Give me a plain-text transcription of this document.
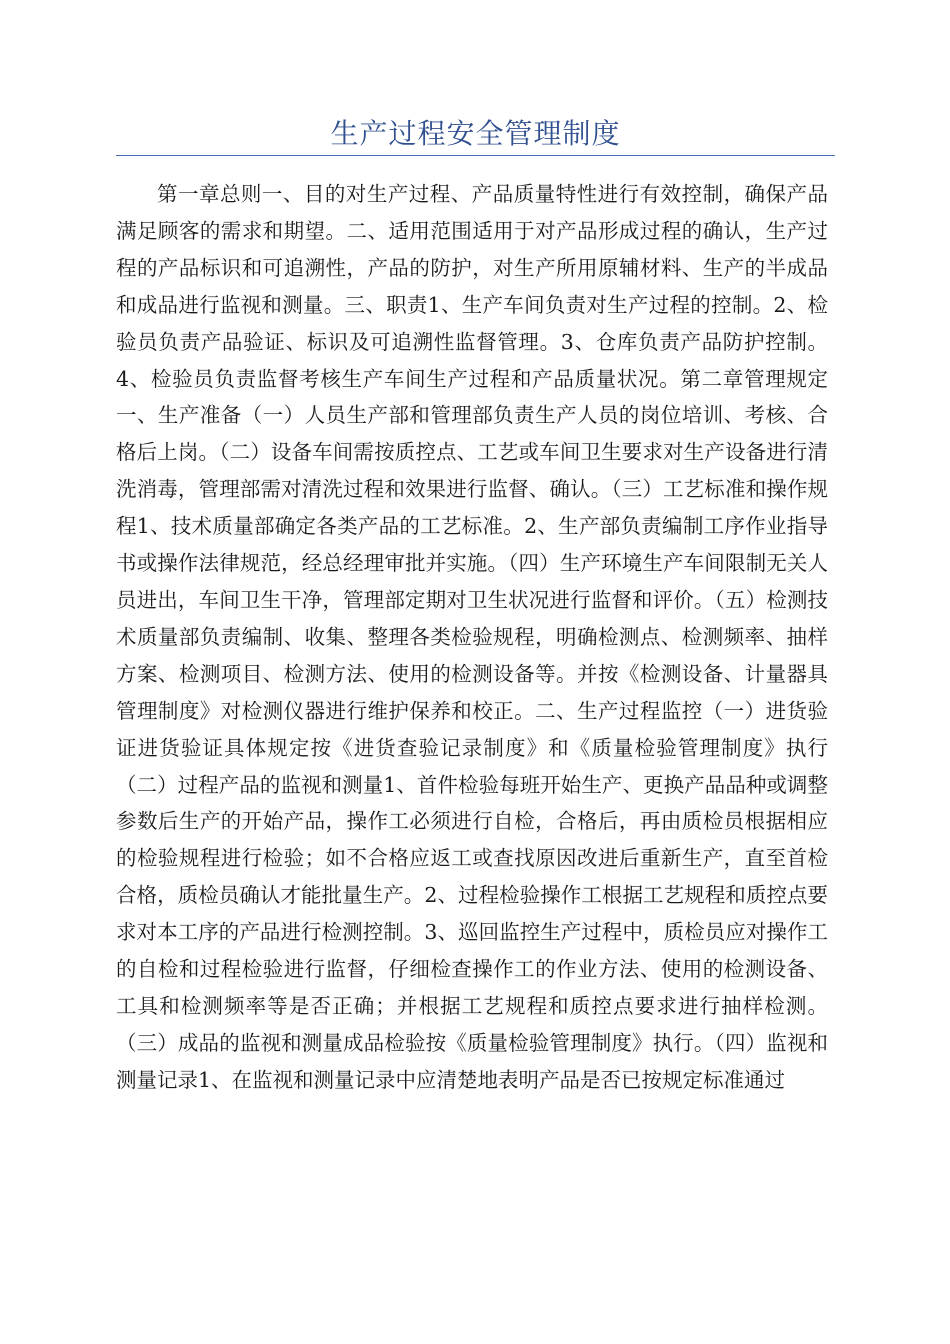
生产过程安全管理制度

第一章总则一、目的对生产过程、产品质量特性进行有效控制，确保产品满足顾客的需求和期望。二、适用范围适用于对产品形成过程的确认，生产过程的产品标识和可追溯性，产品的防护，对生产所用原辅材料、生产的半成品和成品进行监视和测量。三、职责1、生产车间负责对生产过程的控制。2、检验员负责产品验证、标识及可追溯性监督管理。3、仓库负责产品防护控制。4、检验员负责监督考核生产车间生产过程和产品质量状况。第二章管理规定一、生产准备（一）人员生产部和管理部负责生产人员的岗位培训、考核、合格后上岗。（二）设备车间需按质控点、工艺或车间卫生要求对生产设备进行清洗消毒，管理部需对清洗过程和效果进行监督、确认。（三）工艺标准和操作规程1、技术质量部确定各类产品的工艺标准。2、生产部负责编制工序作业指导书或操作法律规范，经总经理审批并实施。（四）生产环境生产车间限制无关人员进出，车间卫生干净，管理部定期对卫生状况进行监督和评价。（五）检测技术质量部负责编制、收集、整理各类检验规程，明确检测点、检测频率、抽样方案、检测项目、检测方法、使用的检测设备等。并按《检测设备、计量器具管理制度》对检测仪器进行维护保养和校正。二、生产过程监控（一）进货验证进货验证具体规定按《进货查验记录制度》和《质量检验管理制度》执行（二）过程产品的监视和测量1、首件检验每班开始生产、更换产品品种或调整参数后生产的开始产品，操作工必须进行自检，合格后，再由质检员根据相应的检验规程进行检验；如不合格应返工或查找原因改进后重新生产，直至首检合格，质检员确认才能批量生产。2、过程检验操作工根据工艺规程和质控点要求对本工序的产品进行检测控制。3、巡回监控生产过程中，质检员应对操作工的自检和过程检验进行监督，仔细检查操作工的作业方法、使用的检测设备、工具和检测频率等是否正确；并根据工艺规程和质控点要求进行抽样检测。（三）成品的监视和测量成品检验按《质量检验管理制度》执行。（四）监视和测量记录1、在监视和测量记录中应清楚地表明产品是否已按规定标准通过
